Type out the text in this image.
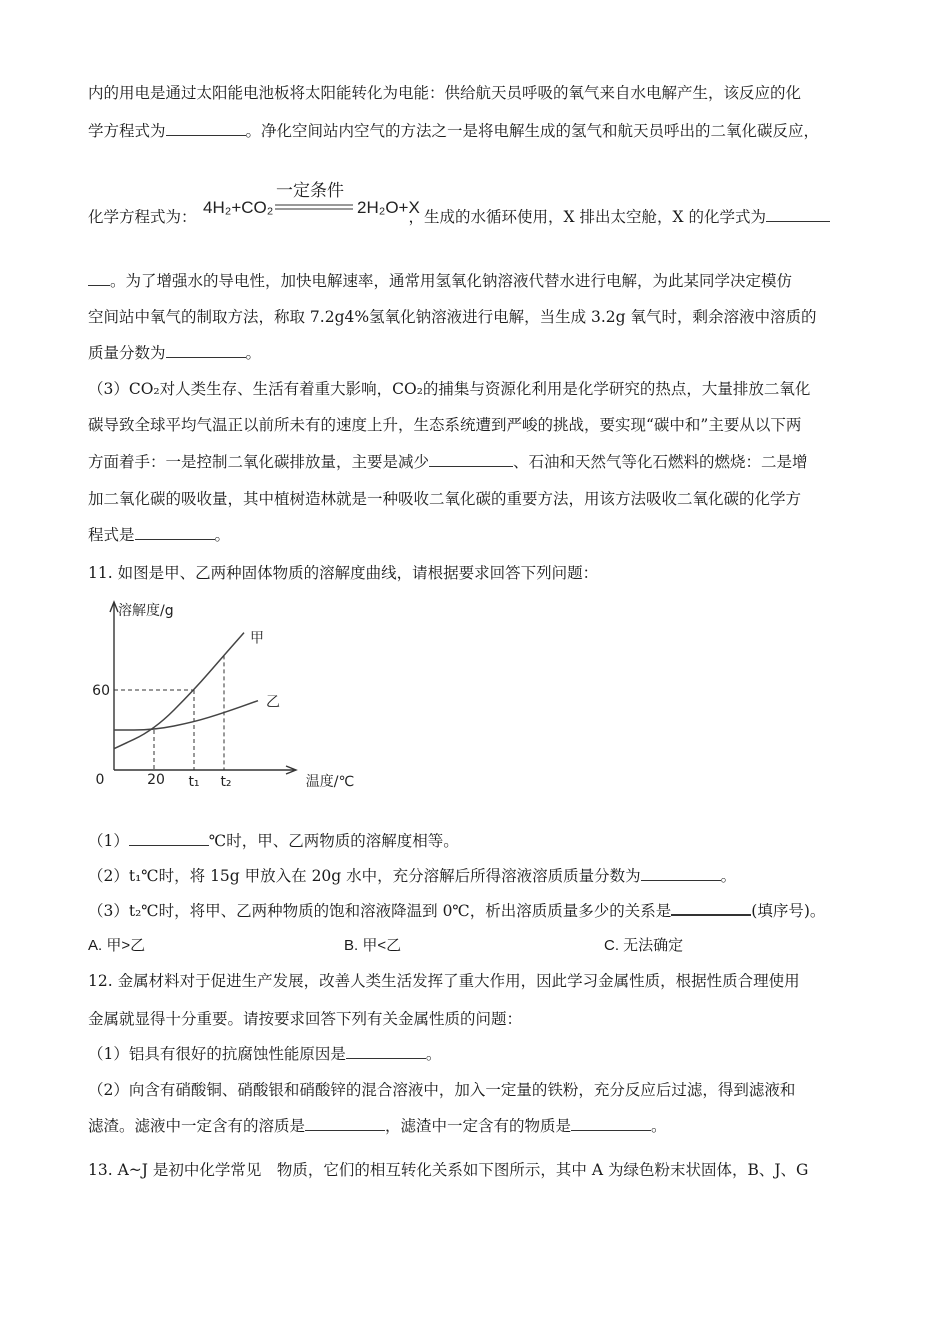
内的用电是通过太阳能电池板将太阳能转化为电能：供给航天员呼吸的氧气来自水电解产生，该反应的化
学方程式为	。净化空间站内空气的方法之一是将电解生成的氢气和航天员呼出的二氧化碳反应，
化学方程式为：	，生成的水循环使用，X 排出太空舱，X 的化学式为
4H₂+CO₂
一定条件
2H₂O+X
。为了增强水的导电性，加快电解速率，通常用氢氧化钠溶液代替水进行电解，为此某同学决定模仿
空间站中氧气的制取方法，称取 7.2g4%氢氧化钠溶液进行电解，当生成 3.2g 氧气时，剩余溶液中溶质的
质量分数为	。
（3）CO₂对人类生存、生活有着重大影响，CO₂的捕集与资源化利用是化学研究的热点，大量排放二氧化
碳导致全球平均气温正以前所未有的速度上升，生态系统遭到严峻的挑战，要实现“碳中和”主要从以下两
方面着手：一是控制二氧化碳排放量，主要是减少	、石油和天然气等化石燃料的燃烧：二是增
加二氧化碳的吸收量，其中植树造林就是一种吸收二氧化碳的重要方法，用该方法吸收二氧化碳的化学方
程式是	。
11. 如图是甲、乙两种固体物质的溶解度曲线，请根据要求回答下列问题：
溶解度/g
温度/℃
0	20 t₁ t₂
60
甲
乙
（1）	℃时，甲、乙两物质的溶解度相等。
（2）t₁℃时，将 15g 甲放入在 20g 水中，充分溶解后所得溶液溶质质量分数为	。
（3）t₂℃时，将甲、乙两种物质的饱和溶液降温到 0℃，析出溶质质量多少的关系是	(填序号)。
A. 甲>乙	B. 甲<乙	C. 无法确定
12. 金属材料对于促进生产发展，改善人类生活发挥了重大作用，因此学习金属性质，根据性质合理使用
金属就显得十分重要。请按要求回答下列有关金属性质的问题：
（1）铝具有很好的抗腐蚀性能原因是	。
（2）向含有硝酸铜、硝酸银和硝酸锌的混合溶液中，加入一定量的铁粉，充分反应后过滤，得到滤液和
滤渣。滤液中一定含有的溶质是	，滤渣中一定含有的物质是	。
13. A~J 是初中化学常见　物质，它们的相互转化关系如下图所示，其中 A 为绿色粉末状固体，B、J、G
